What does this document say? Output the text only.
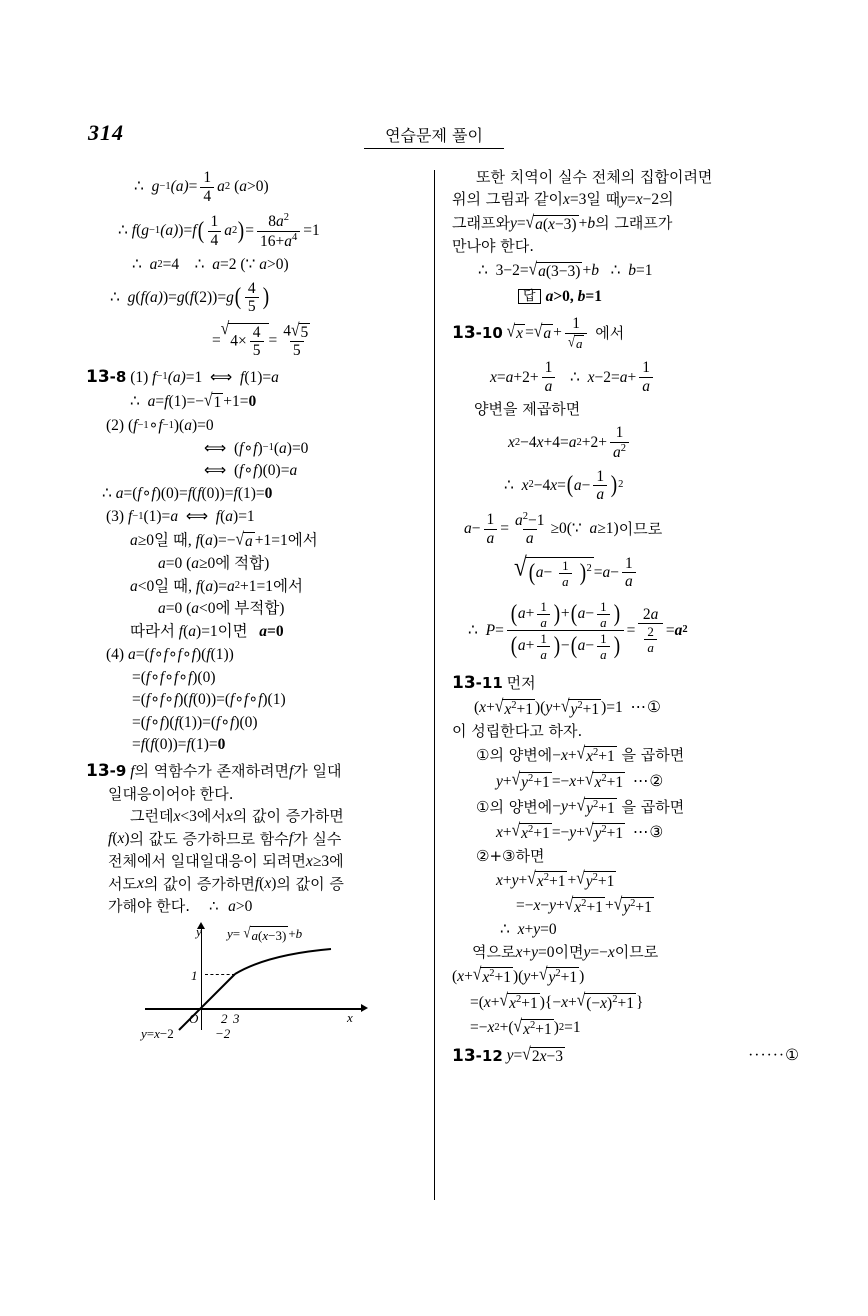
314	연습문제 풀이
∴ g −1 $(a) = \frac{1}{4}$ a 2 ( a >0)
∴ f ( g −1 (a) )= f ( $\frac{1}{4}$ a 2 ) = $\frac{8a^2}{16+a^4} =1$
∴ a 2 =4    ∴ a =2 (∵ a >0)
∴ g ( f(a) )= g ( f (2))= g ( $\frac{4}{5}$ )
=
√
$4\times \frac{4}{5} = \frac{4 √ 5}{5}$
13-8 (1) f −1 (a) =1  ⟺ f (1)= a
∴ a = f (1)=− √ 1 +1= 0
(2) ( f −1 ∘ f −1 )( a )=0
⟺  ( f ∘ f ) −1 ( a )=0
⟺  ( f ∘ f )(0)= a
∴ a =( f ∘ f )(0)= f ( f (0))= f (1)= 0
(3) f −1 (1)= a ⟺ f ( a )=1
a ≥0일 때, f ( a )=− √ a +1=1에서
a =0 ( a ≥0에 적합)
a <0일 때, f ( a )= a 2 +1=1에서
a =0 ( a <0에 부적합)
따라서 f ( a )=1이면 a =0
(4) a =( f ∘ f ∘ f ∘ f )( f (1))
=( f ∘ f ∘ f ∘ f )(0)
=( f ∘ f ∘ f )( f (0))=( f ∘ f ∘ f )(1)
=( f ∘ f )( f (1))=( f ∘ f )(0)
= f ( f (0))= f (1)= 0
13-9
f 의 역함수가 존재하려면 f 가 일대
일대응이어야 한다.
그런데 x <3 에서 x 의 값이 증가하면
f ( x ) 의 값도 증가하므로 함수 f 가 실수
전체에서 일대일대응이 되려면 x ≥3 에
서도 x 의 값이 증가하면 f ( x ) 의 값이 증
가해야 한다.    ∴ a >0
1
O 2 3
y
x
−2
y= √ a(x−3) +b
y=x−2
또한 치역이 실수 전체의 집합이려면
위의 그림과 같이 x =3 일 때 y = x −2 의
그래프와 y = √ a(x−3) + b 의 그래프가
만나야 한다.
∴  3−2= √ a(3−3) + b ∴ b =1
답 a >0, b =1
13-10
√ x = √ $a + \frac{1}{√ a}$ 에서
$x = a +2+ \frac{1}{a}$ ∴ $x -2= a + \frac{1}{a}$
양변을 제곱하면
x 2 −4 x +4= a $2 +2+ \frac{1}{a^2}$
∴ x 2 −4 x = ( $a - \frac{1}{a}$ ) 2
$a - \frac{1}{a} = \frac{a^2-1}{a}$ ≥0(∵ a ≥1) 이므로
√ $(a- \frac{1}{a} )^2 = a - \frac{1}{a}$
∴ $P = \frac{(a+ \frac{1}{a} )+(a- \frac{1}{a} )}{(a+ \frac{1}{a} )-(a- \frac{1}{a} )} = \frac{2a}{\frac{2}{a}} = a$ 2
13-11
먼저
( x + √ $x^2+1$ )( y + √ $y^2+1$ )=1 ⋯①
이 성립한다고 하자.
①의 양변에 − x + √ $x^2+1$ 을 곱하면
y + √ $y^2+1 =- x$ + √ $x^2+1$
⋯②
①의 양변에 − y + √ $y^2+1$ 을 곱하면
x + √ $x^2+1 =- y$ + √ $y^2+1$
⋯③
②+③하면
x + y + √ $x^2+1$ + √ $y^2+1$
=− x − y + √ $x^2+1$ + √ $y^2+1$
∴ x + y =0
역으로 x + y =0 이면 y =− x 이므로
( x + √ $x^2+1$ )( y + √ $y^2+1$ )
=( x + √ $x^2+1$ ){− x + √ $(-x)^2+1$ }
=− x 2 +( √ $x^2+1$ ) 2 =1
13-12
y = √ 2x−3	······①
